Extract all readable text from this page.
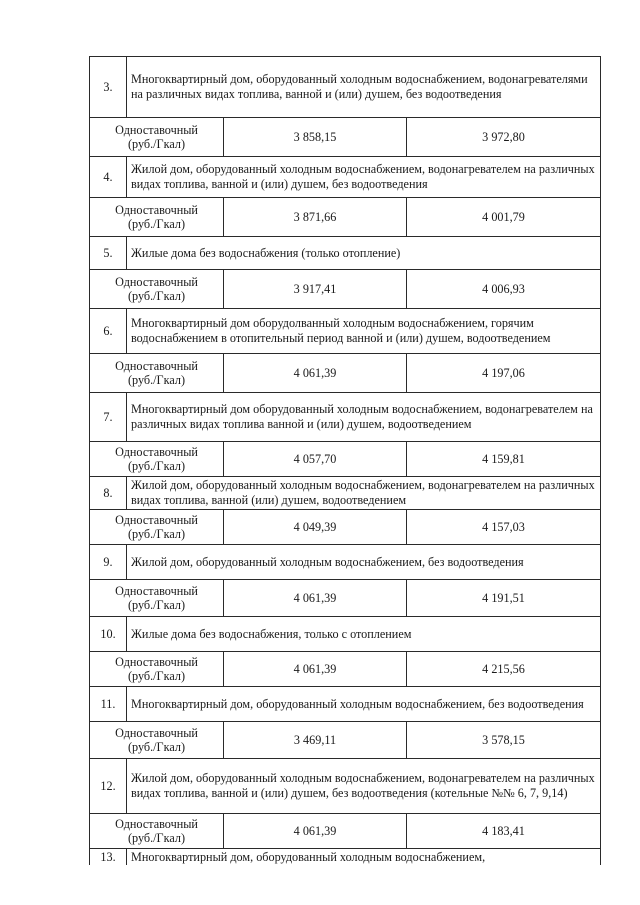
3.	Многоквартирный дом, оборудованный холодным водоснабжением, водонагревателями на различных видах топлива, ванной и (или) душем, без водоотведения		
Одноставочный
(руб./Гкал)		3 858,15	3 972,80
4.	Жилой дом, оборудованный холодным водоснабжением, водонагревателем на различных видах топлива, ванной и (или) душем, без водоотведения		
Одноставочный
(руб./Гкал)		3 871,66	4 001,79
5.	Жилые дома без водоснабжения (только отопление)		
Одноставочный
(руб./Гкал)		3 917,41	4 006,93
6.	Многоквартирный дом оборудолванный холодным водоснабжением, горячим водоснабжением в отопительный период ванной и (или) душем, водоотведением		
Одноставочный
(руб./Гкал)		4 061,39	4 197,06
7.	Многоквартирный дом оборудованный холодным водоснабжением, водонагревателем на различных видах топлива ванной и (или) душем, водоотведением		
Одноставочный
(руб./Гкал)		4 057,70	4 159,81
8.	Жилой дом, оборудованный холодным водоснабжением, водонагревателем на различных видах топлива, ванной (или) душем, водоотведением		
Одноставочный
(руб./Гкал)		4 049,39	4 157,03
9.	Жилой дом, оборудованный холодным водоснабжением, без водоотведения		
Одноставочный
(руб./Гкал)		4 061,39	4 191,51
10.	Жилые дома без водоснабжения, только с отоплением		
Одноставочный
(руб./Гкал)		4 061,39	4 215,56
11.	Многоквартирный дом, оборудованный холодным водоснабжением, без водоотведения		
Одноставочный
(руб./Гкал)		3 469,11	3 578,15
12.	Жилой дом, оборудованный холодным водоснабжением, водонагревателем на различных видах топлива, ванной и (или) душем, без водоотведения (котельные №№ 6, 7, 9,14)		
Одноставочный
(руб./Гкал)		4 061,39	4 183,41
13.	Многоквартирный дом, оборудованный холодным водоснабжением,		
